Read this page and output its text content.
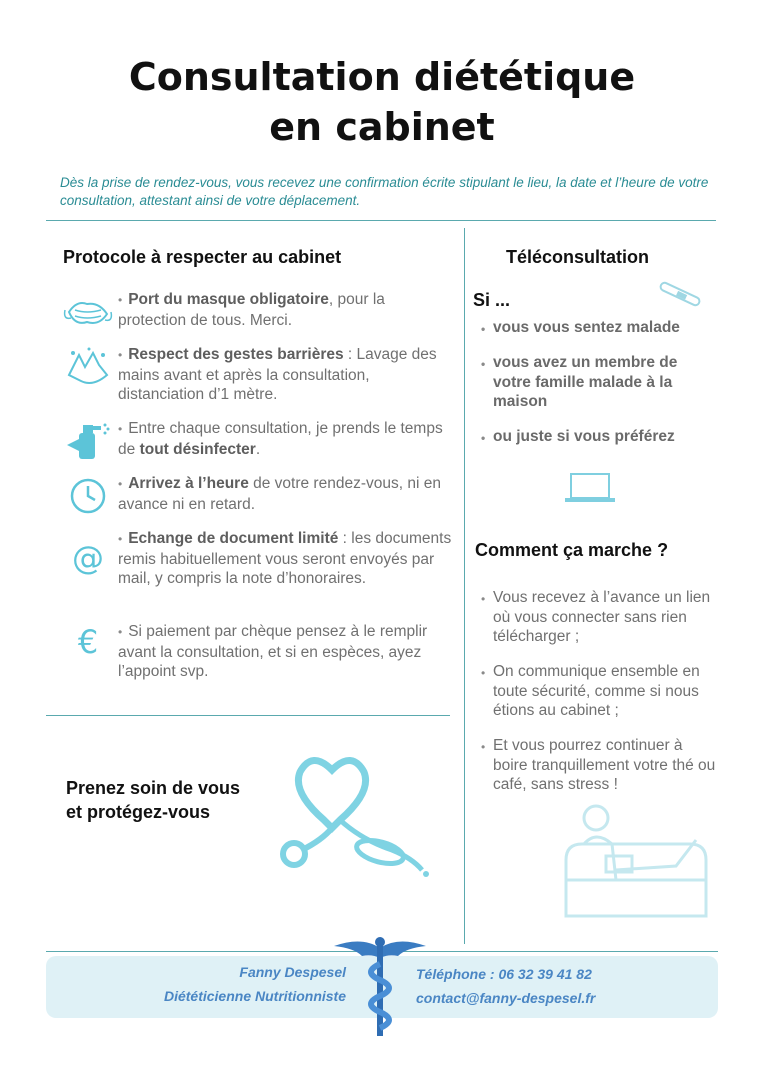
Consultation diététique
en cabinet
Dès la prise de rendez-vous, vous recevez une confirmation écrite stipulant le lieu, la date et l’heure de votre consultation, attestant ainsi de votre déplacement.
Protocole à respecter au cabinet
• Port du masque obligatoire, pour la protection de tous. Merci.
• Respect des gestes barrières : Lavage des mains avant et après la consultation, distanciation d’1 mètre.
• Entre chaque consultation, je prends le temps de tout désinfecter.
• Arrivez à l’heure de votre rendez-vous, ni en avance ni en retard.
@	• Echange de document limité : les documents remis habituellement vous seront envoyés par mail, y compris la note d’honoraires.
€	• Si paiement par chèque pensez à le remplir avant la consultation, et si en espèces, ayez l’appoint svp.
Prenez soin de vous
et protégez-vous
Téléconsultation
Si ...
• vous vous sentez malade
• vous avez un membre de votre famille malade à la maison
• ou juste si vous préférez
Comment ça marche ?
• Vous recevez à l’avance un lien où vous connecter sans rien télécharger ;
• On communique ensemble en toute sécurité, comme si nous étions au cabinet ;
• Et vous pourrez continuer à boire tranquillement votre thé ou café, sans stress !
Fanny Despesel
Diététicienne Nutritionniste
Téléphone : 06 32 39 41 82
contact@fanny-despesel.fr
